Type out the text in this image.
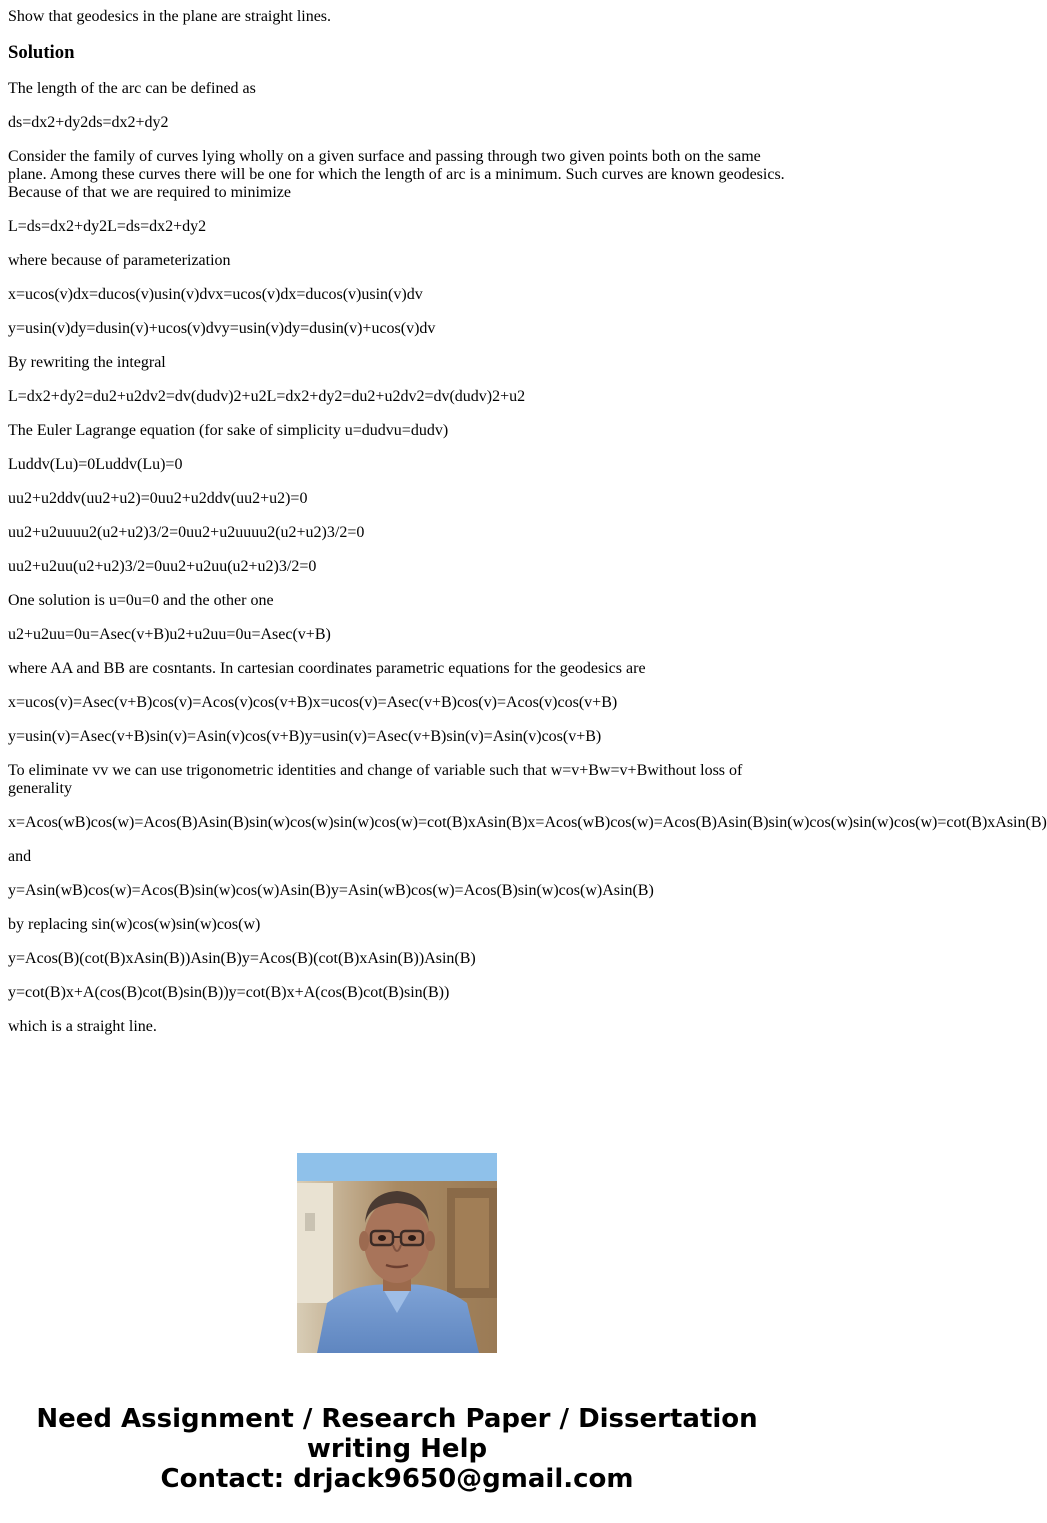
Show that geodesics in the plane are straight lines.

Solution

The length of the arc can be defined as

ds=dx2+dy2ds=dx2+dy2

Consider the family of curves lying wholly on a given surface and passing through two given points both on the same plane. Among these curves there will be one for which the length of arc is a minimum. Such curves are known geodesics. Because of that we are required to minimize

L=ds=dx2+dy2L=ds=dx2+dy2

where because of parameterization

x=ucos(v)dx=ducos(v)usin(v)dvx=ucos(v)dx=ducos(v)usin(v)dv

y=usin(v)dy=dusin(v)+ucos(v)dvy=usin(v)dy=dusin(v)+ucos(v)dv

By rewriting the integral

L=dx2+dy2=du2+u2dv2=dv(dudv)2+u2L=dx2+dy2=du2+u2dv2=dv(dudv)2+u2

The Euler Lagrange equation (for sake of simplicity u=dudvu=dudv)

Luddv(Lu)=0Luddv(Lu)=0

uu2+u2ddv(uu2+u2)=0uu2+u2ddv(uu2+u2)=0

uu2+u2uuuu2(u2+u2)3/2=0uu2+u2uuuu2(u2+u2)3/2=0

uu2+u2uu(u2+u2)3/2=0uu2+u2uu(u2+u2)3/2=0

One solution is u=0u=0 and the other one

u2+u2uu=0u=Asec(v+B)u2+u2uu=0u=Asec(v+B)

where AA and BB are cosntants. In cartesian coordinates parametric equations for the geodesics are

x=ucos(v)=Asec(v+B)cos(v)=Acos(v)cos(v+B)x=ucos(v)=Asec(v+B)cos(v)=Acos(v)cos(v+B)

y=usin(v)=Asec(v+B)sin(v)=Asin(v)cos(v+B)y=usin(v)=Asec(v+B)sin(v)=Asin(v)cos(v+B)

To eliminate vv we can use trigonometric identities and change of variable such that w=v+Bw=v+Bwithout loss of generality

x=Acos(wB)cos(w)=Acos(B)Asin(B)sin(w)cos(w)sin(w)cos(w)=cot(B)xAsin(B)x=Acos(wB)cos(w)=Acos(B)Asin(B)sin(w)cos(w)sin(w)cos(w)=cot(B)xAsin(B)

and

y=Asin(wB)cos(w)=Acos(B)sin(w)cos(w)Asin(B)y=Asin(wB)cos(w)=Acos(B)sin(w)cos(w)Asin(B)

by replacing sin(w)cos(w)sin(w)cos(w)

y=Acos(B)(cot(B)xAsin(B))Asin(B)y=Acos(B)(cot(B)xAsin(B))Asin(B)

y=cot(B)x+A(cos(B)cot(B)sin(B))y=cot(B)x+A(cos(B)cot(B)sin(B))

which is a straight line.

Need Assignment / Research Paper / Dissertation
writing Help
Contact: drjack9650@gmail.com
